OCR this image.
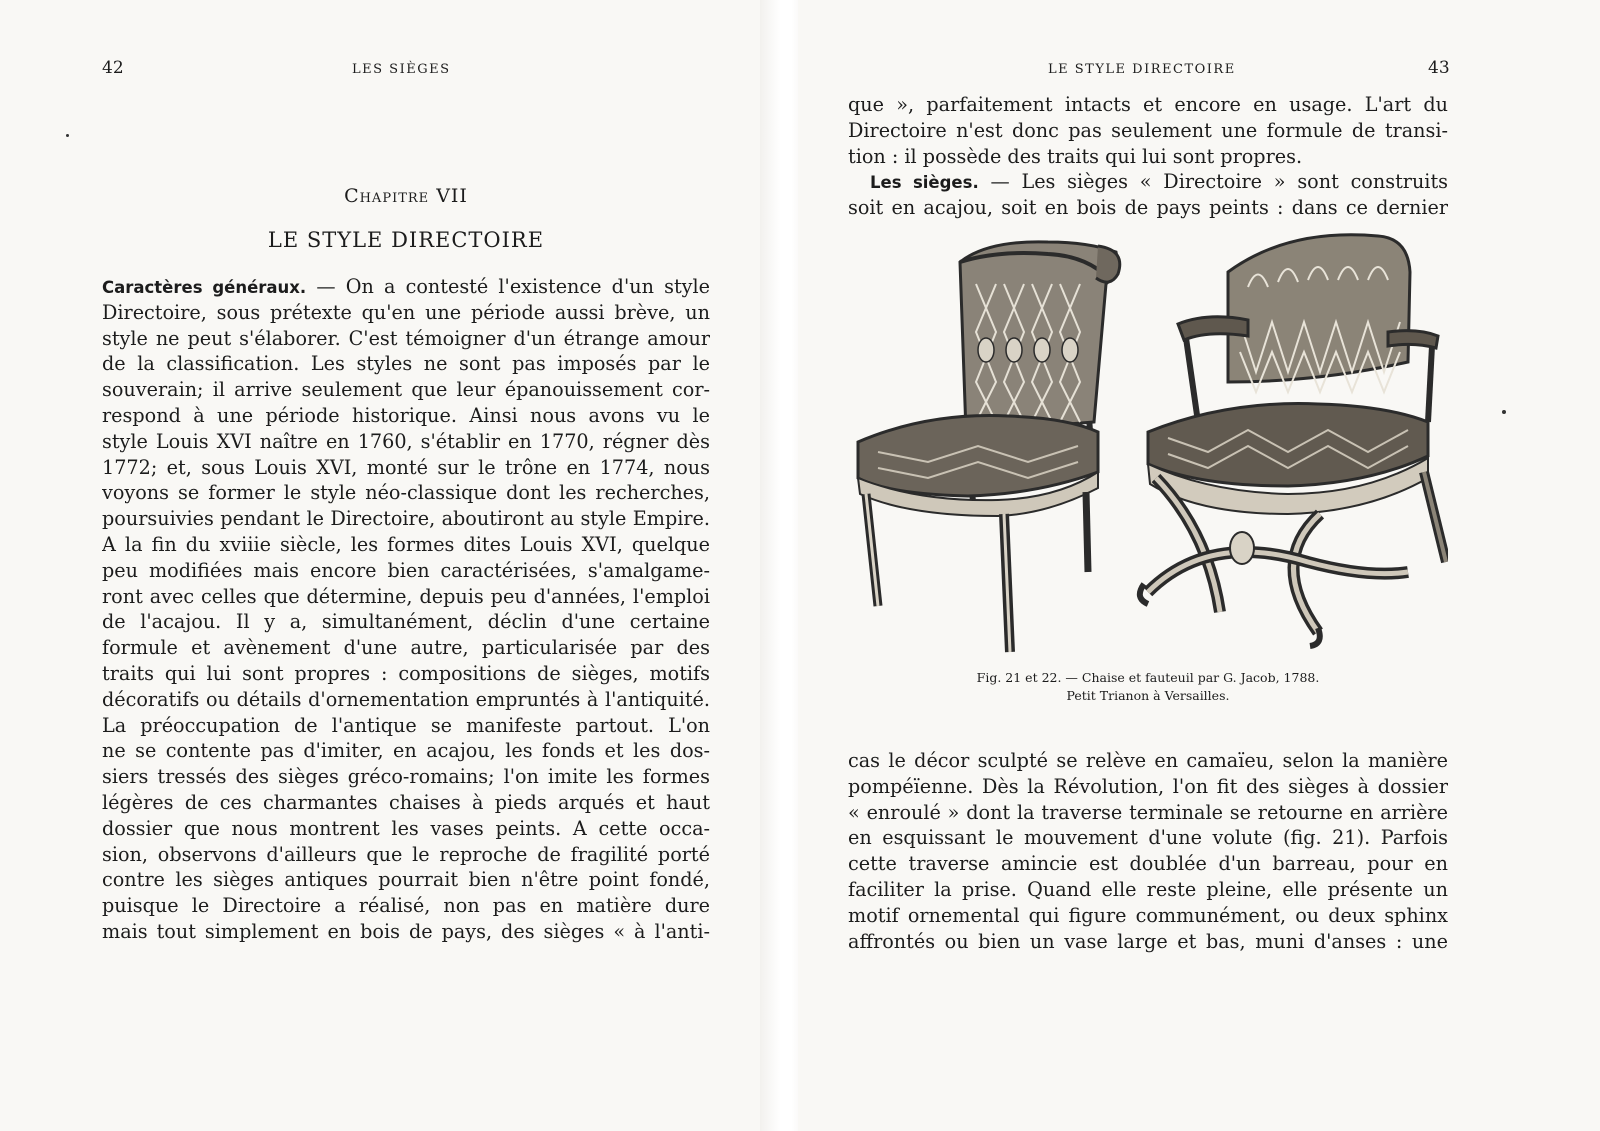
42	LES SIÈGES
Chapitre VII
LE STYLE DIRECTOIRE
Caractères généraux. — On a contesté l'existence d'un style
Directoire, sous prétexte qu'en une période aussi brève, un
style ne peut s'élaborer. C'est témoigner d'un étrange amour
de la classification. Les styles ne sont pas imposés par le
souverain; il arrive seulement que leur épanouissement cor-
respond à une période historique. Ainsi nous avons vu le
style Louis XVI naître en 1760, s'établir en 1770, régner dès
1772; et, sous Louis XVI, monté sur le trône en 1774, nous
voyons se former le style néo-classique dont les recherches,
poursuivies pendant le Directoire, aboutiront au style Empire.
A la fin du xviiie siècle, les formes dites Louis XVI, quelque
peu modifiées mais encore bien caractérisées, s'amalgame-
ront avec celles que détermine, depuis peu d'années, l'emploi
de l'acajou. Il y a, simultanément, déclin d'une certaine
formule et avènement d'une autre, particularisée par des
traits qui lui sont propres : compositions de sièges, motifs
décoratifs ou détails d'ornementation empruntés à l'antiquité.
La préoccupation de l'antique se manifeste partout. L'on
ne se contente pas d'imiter, en acajou, les fonds et les dos-
siers tressés des sièges gréco-romains; l'on imite les formes
légères de ces charmantes chaises à pieds arqués et haut
dossier que nous montrent les vases peints. A cette occa-
sion, observons d'ailleurs que le reproche de fragilité porté
contre les sièges antiques pourrait bien n'être point fondé,
puisque le Directoire a réalisé, non pas en matière dure
mais tout simplement en bois de pays, des sièges « à l'anti-
LE STYLE DIRECTOIRE	43
que », parfaitement intacts et encore en usage. L'art du
Directoire n'est donc pas seulement une formule de transi-
tion : il possède des traits qui lui sont propres.
Les sièges. — Les sièges « Directoire » sont construits
soit en acajou, soit en bois de pays peints : dans ce dernier
Fig. 21 et 22. — Chaise et fauteuil par G. Jacob, 1788.
Petit Trianon à Versailles.
cas le décor sculpté se relève en camaïeu, selon la manière
pompéïenne. Dès la Révolution, l'on fit des sièges à dossier
« enroulé » dont la traverse terminale se retourne en arrière
en esquissant le mouvement d'une volute (fig. 21). Parfois
cette traverse amincie est doublée d'un barreau, pour en
faciliter la prise. Quand elle reste pleine, elle présente un
motif ornemental qui figure communément, ou deux sphinx
affrontés ou bien un vase large et bas, muni d'anses : une
